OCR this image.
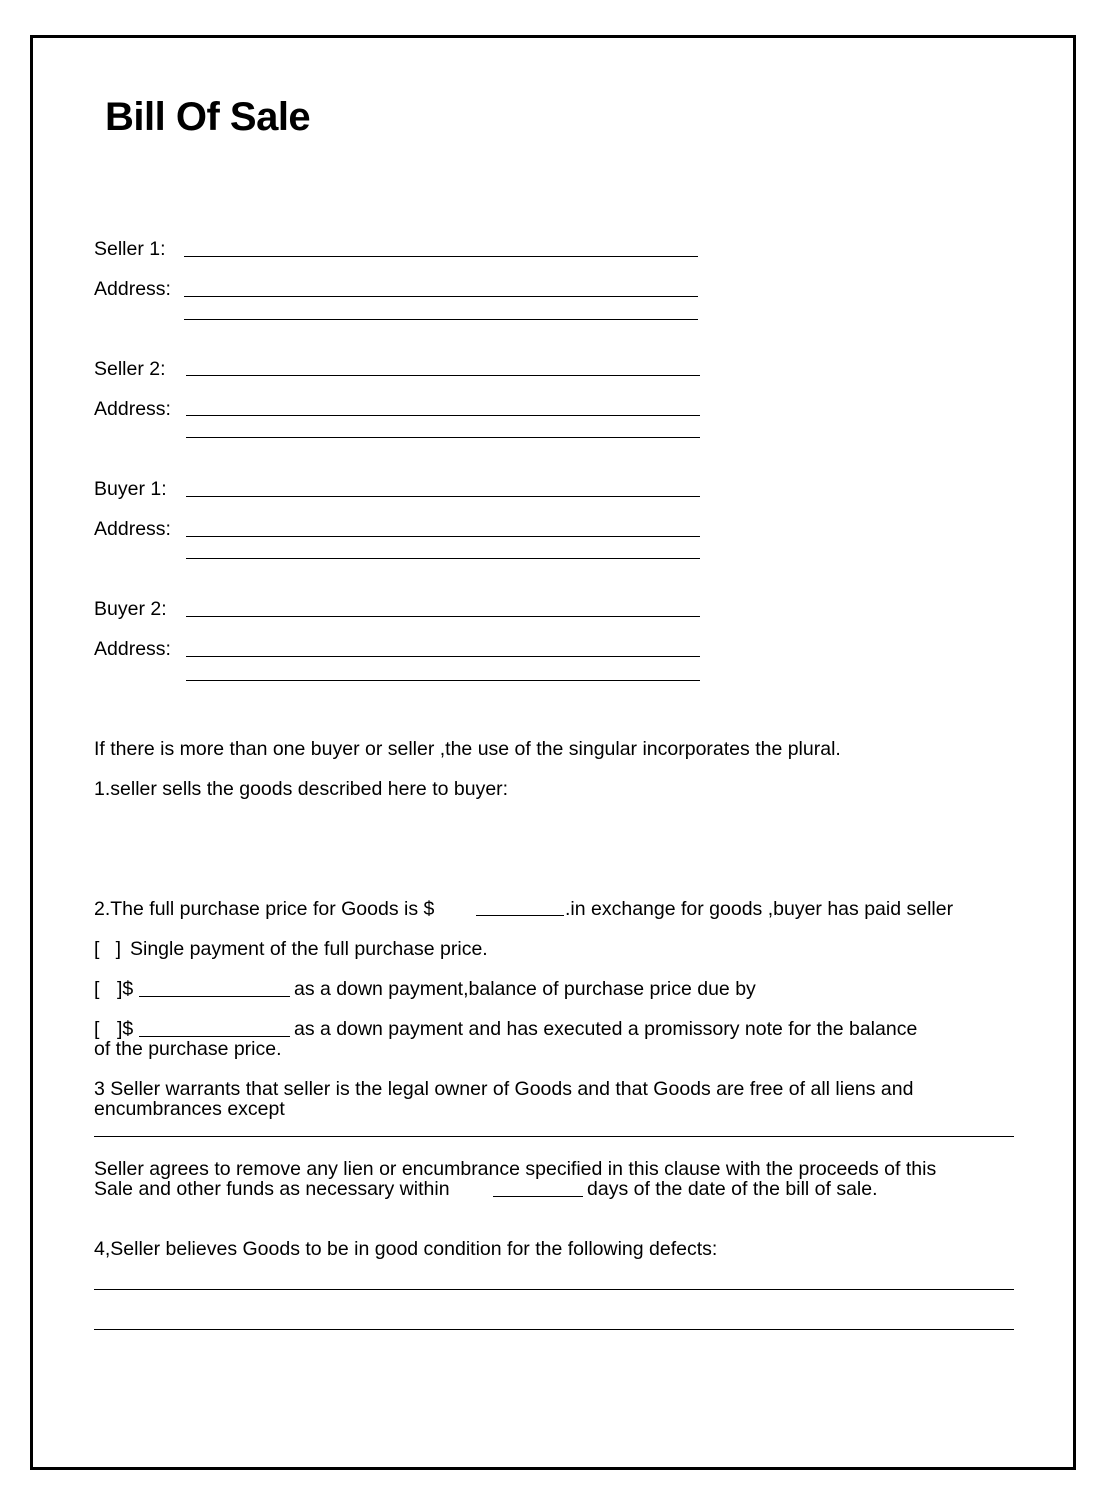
Bill Of Sale
Seller 1:
Address:
Seller 2:
Address:
Buyer 1:
Address:
Buyer 2:
Address:
If there is more than one buyer or seller ,the use of the singular incorporates the plural.
1.seller sells the goods described here to buyer:
2.The full purchase price for Goods is $	.in exchange for goods ,buyer has paid seller
[   ] Single payment of the full purchase price.
[ ]$	as a down payment,balance of purchase price due by
[ ]$	as a down payment and has executed a promissory note for the balance
of the purchase price.
3 Seller warrants that seller is the legal owner of Goods and that Goods are free of all liens and
encumbrances except
Seller agrees to remove any lien or encumbrance specified in this clause with the proceeds of this
Sale and other funds as necessary within	days of the date of the bill of sale.
4,Seller believes Goods to be in good condition for the following defects:
